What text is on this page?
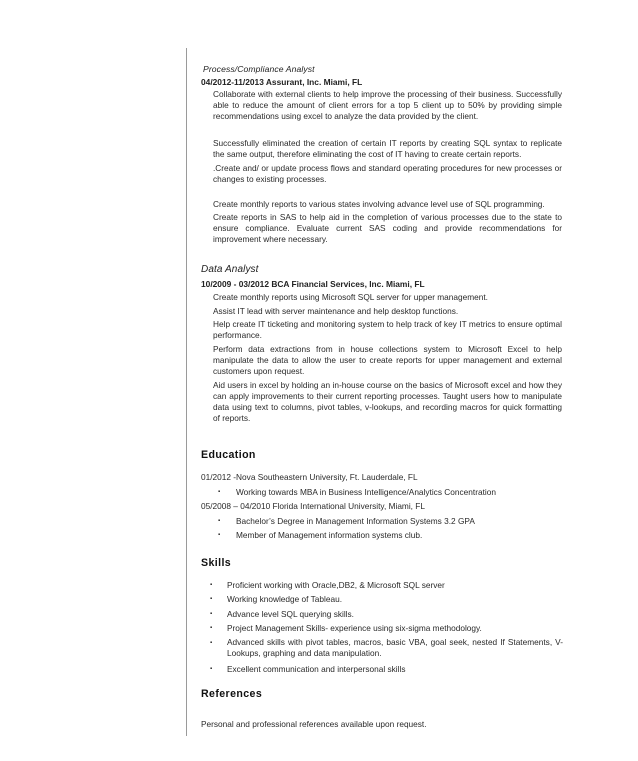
Process/Compliance Analyst
04/2012-11/2013 Assurant, Inc. Miami, FL
Collaborate with external clients to help improve the processing of their business. Successfully able to reduce the amount of client errors for a top 5 client up to 50% by providing simple recommendations using excel to analyze the data provided by the client.
Successfully eliminated the creation of certain IT reports by creating SQL syntax to replicate the same output, therefore eliminating the cost of IT having to create certain reports.
.Create and/ or update process flows and standard operating procedures for new processes or changes to existing processes.
Create monthly reports to various states involving advance level use of SQL programming.
Create reports in SAS to help aid in the completion of various processes due to the state to ensure compliance. Evaluate current SAS coding and provide recommendations for improvement where necessary.
Data Analyst
10/2009 - 03/2012 BCA Financial Services, Inc. Miami, FL
Create monthly reports using Microsoft SQL server for upper management.
Assist IT lead with server maintenance and help desktop functions.
Help create IT ticketing and monitoring system to help track of key IT metrics to ensure optimal performance.
Perform data extractions from in house collections system to Microsoft Excel to help manipulate the data to allow the user to create reports for upper management and external customers upon request.
Aid users in excel by holding an in-house course on the basics of Microsoft excel and how they can apply improvements to their current reporting processes. Taught users how to manipulate data using text to columns, pivot tables, v-lookups, and recording macros for quick formatting of reports.
Education
01/2012 -Nova Southeastern University, Ft. Lauderdale, FL
▪ Working towards MBA in Business Intelligence/Analytics Concentration
05/2008 – 04/2010 Florida International University, Miami, FL
▪ Bachelor’s Degree in Management Information Systems 3.2 GPA
▪ Member of Management information systems club.
Skills
▪ Proficient working with Oracle,DB2, & Microsoft SQL server
▪ Working knowledge of Tableau.
▪ Advance level SQL querying skills.
▪ Project Management Skills- experience using six-sigma methodology.
▪ Advanced skills with pivot tables, macros, basic VBA, goal seek, nested If Statements, V-Lookups, graphing and data manipulation.
▪ Excellent communication and interpersonal skills
References
Personal and professional references available upon request.
